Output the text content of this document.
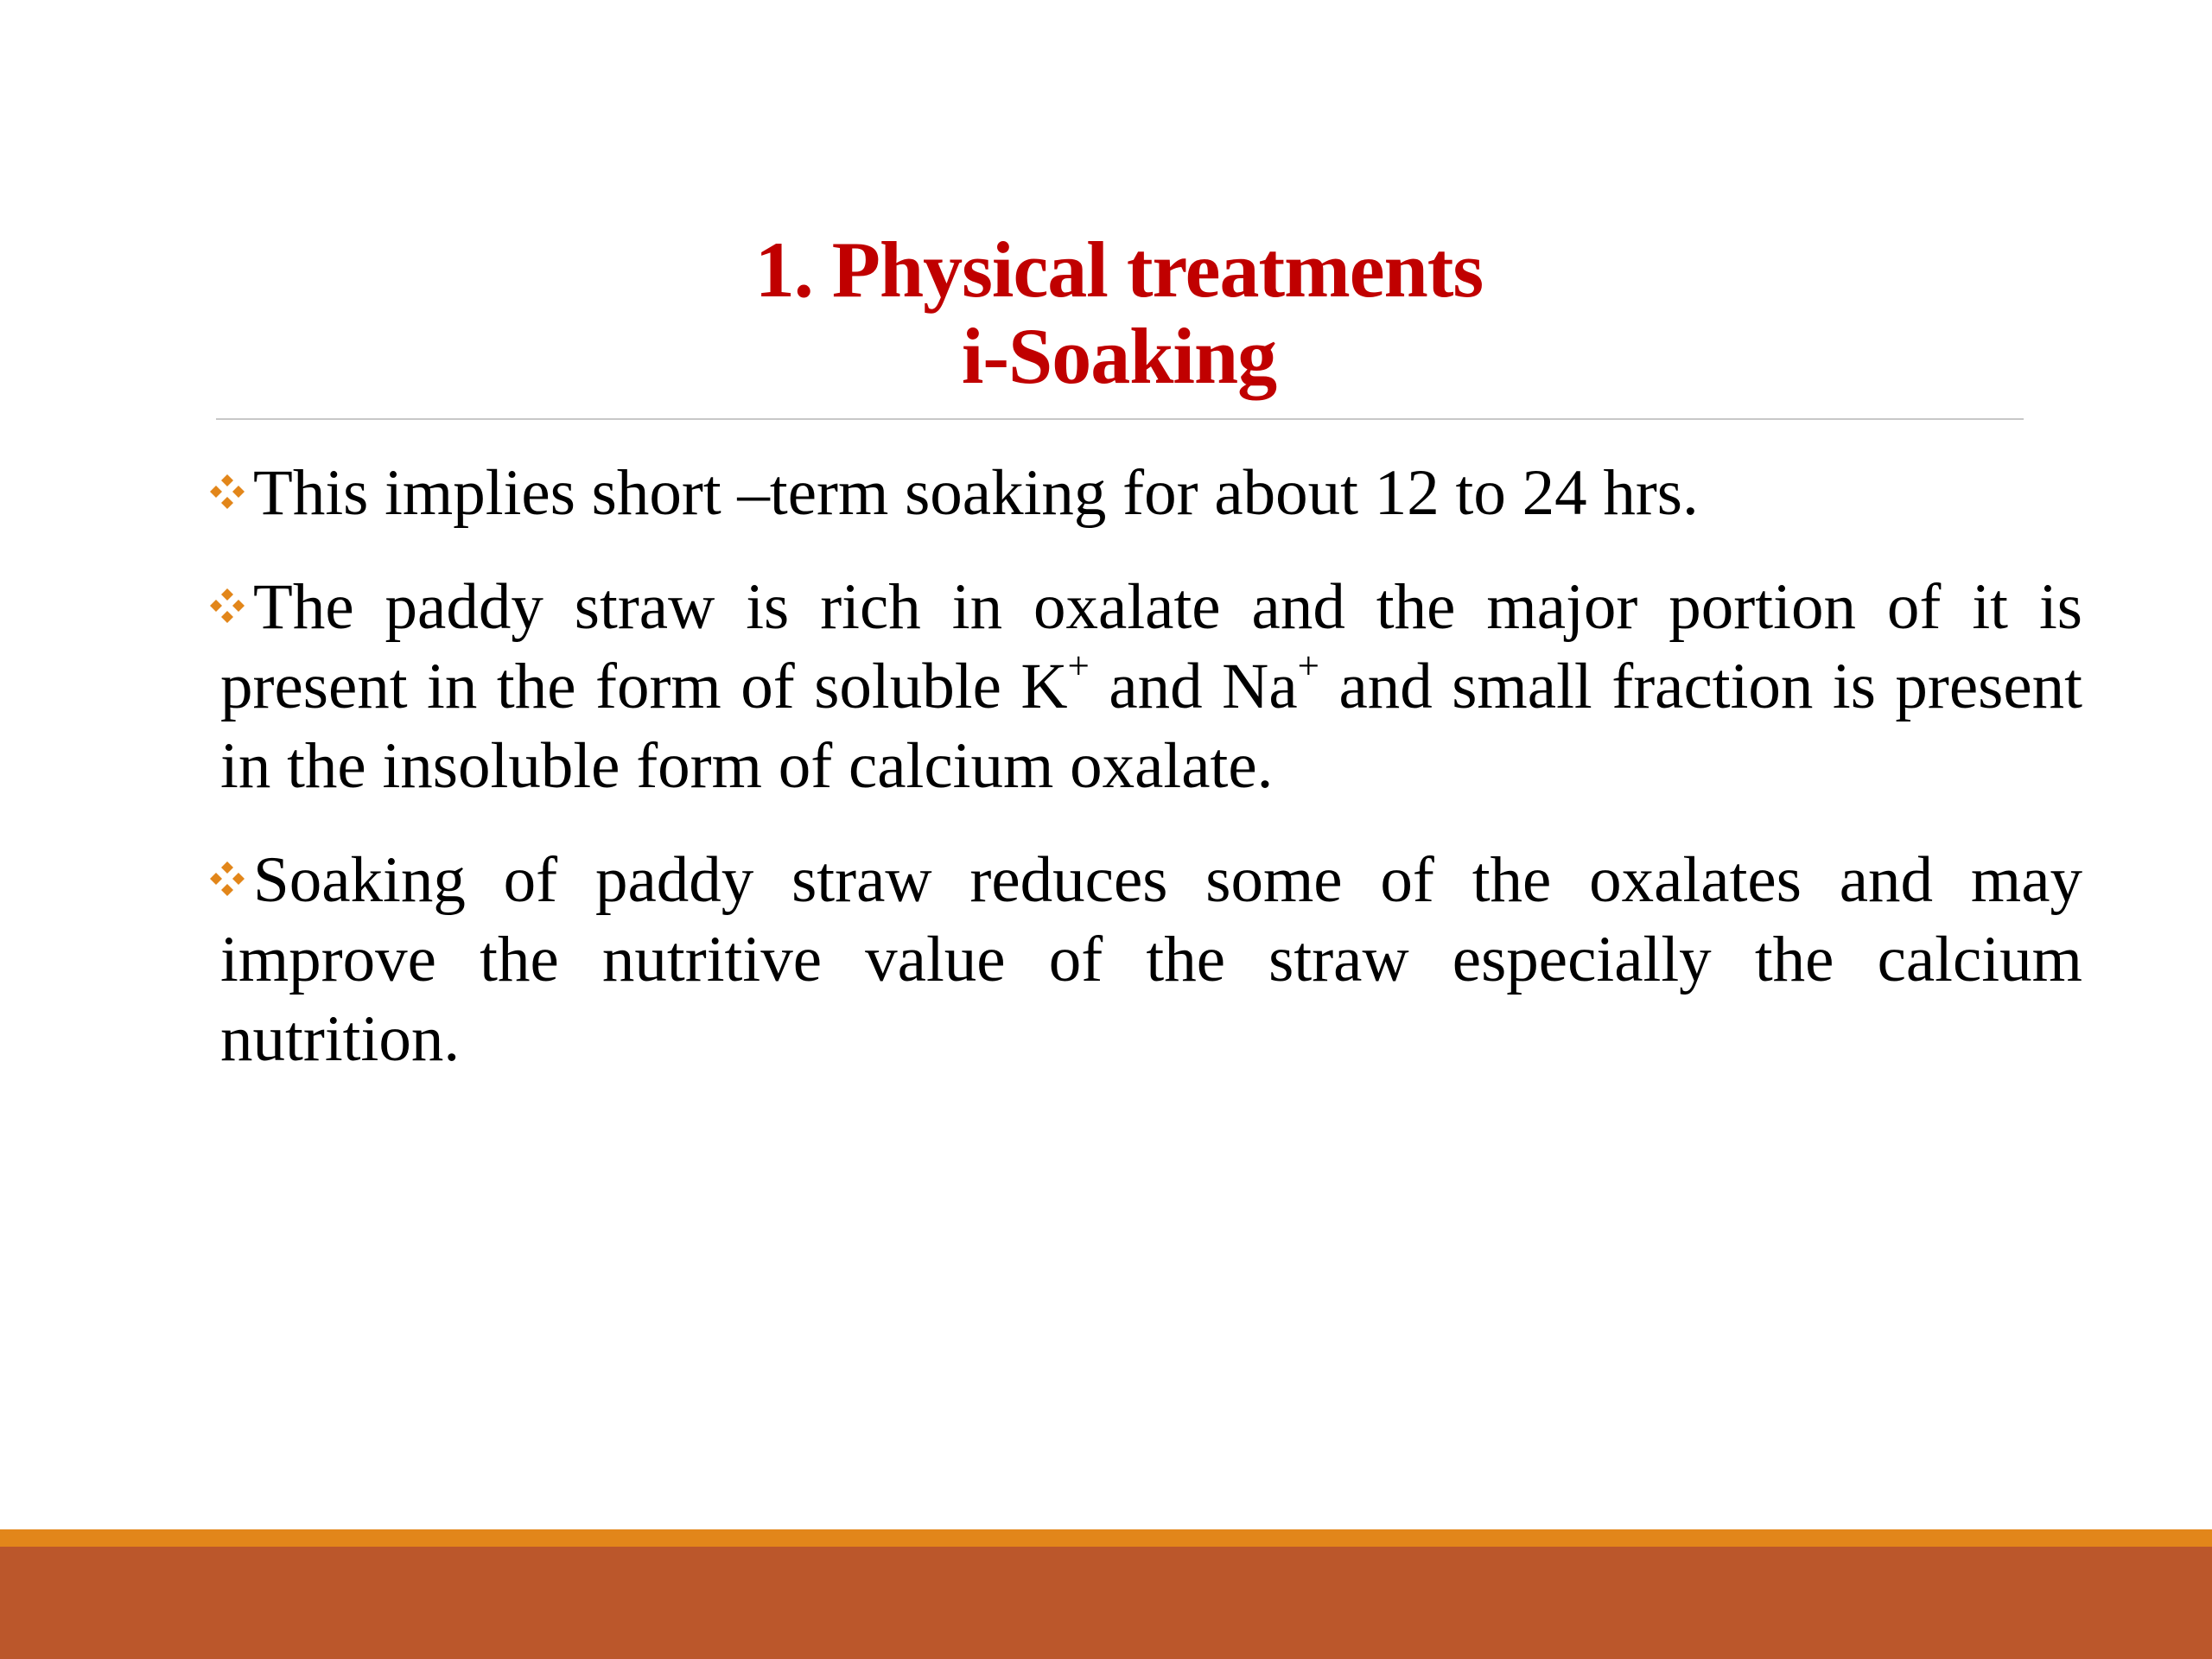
1. Physical treatments
i-Soaking

This implies short –term soaking for about 12 to 24 hrs.

The paddy straw is rich in oxalate and the major portion of it is present in the form of soluble K+ and Na+ and small fraction is present in the insoluble form of calcium oxalate.

Soaking of paddy straw reduces some of the oxalates and may improve the nutritive value of the straw especially the calcium nutrition.
